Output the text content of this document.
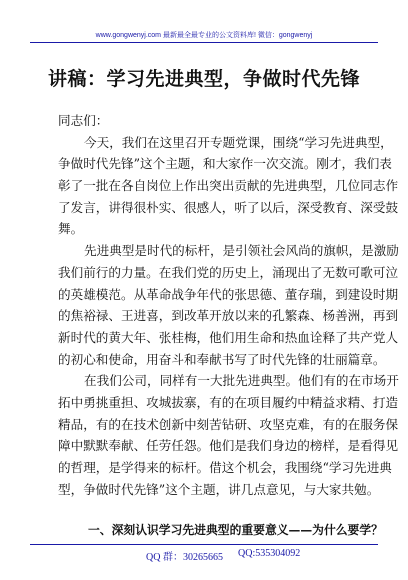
www.gongwenyj.com 最新最全最专业的公文资料库! 微信：gongwenyj
讲稿：学习先进典型，争做时代先锋
同志们：
今天，我们在这里召开专题党课，围绕“学习先进典型，
争做时代先锋”这个主题，和大家作一次交流。刚才，我们表
彰了一批在各自岗位上作出突出贡献的先进典型，几位同志作
了发言，讲得很朴实、很感人，听了以后，深受教育、深受鼓
舞。
先进典型是时代的标杆，是引领社会风尚的旗帜，是激励
我们前行的力量。在我们党的历史上，涌现出了无数可歌可泣
的英雄模范。从革命战争年代的张思德、董存瑞，到建设时期
的焦裕禄、王进喜，到改革开放以来的孔繁森、杨善洲，再到
新时代的黄大年、张桂梅，他们用生命和热血诠释了共产党人
的初心和使命，用奋斗和奉献书写了时代先锋的壮丽篇章。
在我们公司，同样有一大批先进典型。他们有的在市场开
拓中勇挑重担、攻城拔寨，有的在项目履约中精益求精、打造
精品，有的在技术创新中刻苦钻研、攻坚克难，有的在服务保
障中默默奉献、任劳任怨。他们是我们身边的榜样，是看得见
的哲理，是学得来的标杆。借这个机会，我围绕“学习先进典
型，争做时代先锋”这个主题，讲几点意见，与大家共勉。
一、深刻认识学习先进典型的重要意义——为什么要学？
QQ 群：30265665 QQ:535304092
